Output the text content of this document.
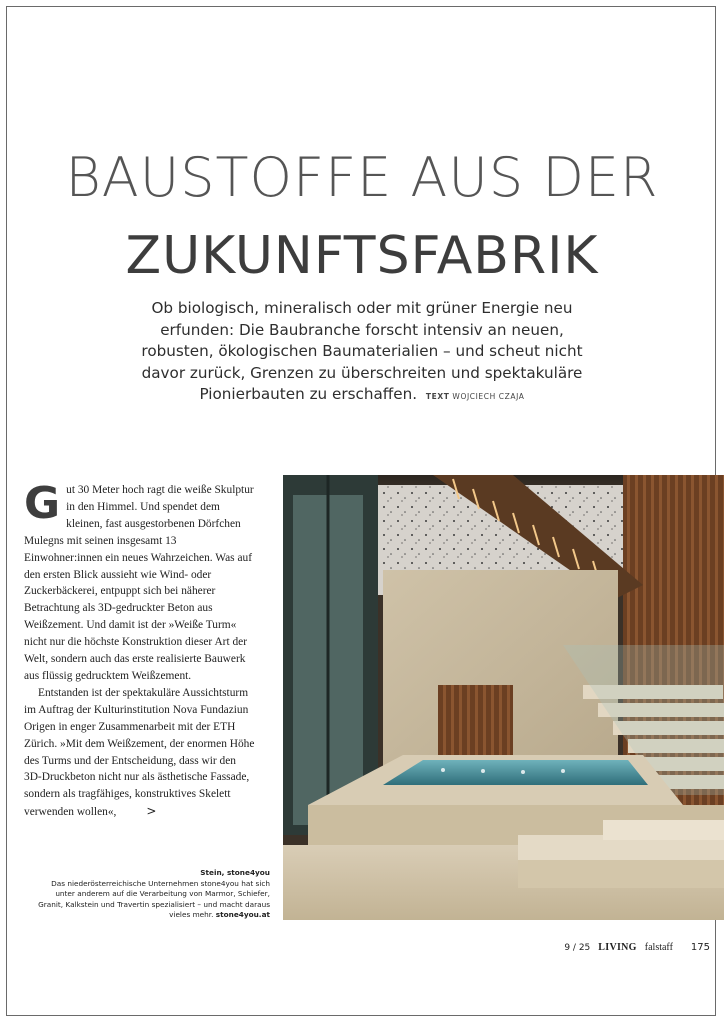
BAUSTOFFE AUS DER
ZUKUNFTSFABRIK
Ob biologisch, mineralisch oder mit grüner Energie neu erfunden: Die Baubranche forscht intensiv an neuen, robusten, ökologischen Baumaterialien – und scheut nicht davor zurück, Grenzen zu überschreiten und spektakuläre Pionierbauten zu erschaffen. TEXT WOJCIECH CZAJA

Gut 30 Meter hoch ragt die weiße Skulptur in den Himmel. Und spendet dem kleinen, fast ausgestorbenen Dörfchen Mulegns mit seinen insgesamt 13 Einwohner:innen ein neues Wahrzeichen. Was auf den ersten Blick aussieht wie Wind- oder Zuckerbäckerei, entpuppt sich bei näherer Betrachtung als 3D-gedruckter Beton aus Weißzement. Und damit ist der »Weiße Turm« nicht nur die höchste Konstruktion dieser Art der Welt, sondern auch das erste realisierte Bauwerk aus flüssig gedrucktem Weißzement.

Entstanden ist der spektakuläre Aussichtsturm im Auftrag der Kulturinstitution Nova Fundaziun Origen in enger Zusammenarbeit mit der ETH Zürich. »Mit dem Weißzement, der enormen Höhe des Turms und der Entscheidung, dass wir den 3D-Druckbeton nicht nur als ästhetische Fassade, sondern als tragfähiges, konstruktives Skelett verwenden wollen«,	>

Stein, stone4you
Das niederösterreichische Unternehmen stone4you hat sich unter anderem auf die Verarbeitung von Marmor, Schiefer, Granit, Kalkstein und Travertin spezialisiert – und macht daraus vieles mehr. stone4you.at
9 / 25 LIVING falstaff 175
